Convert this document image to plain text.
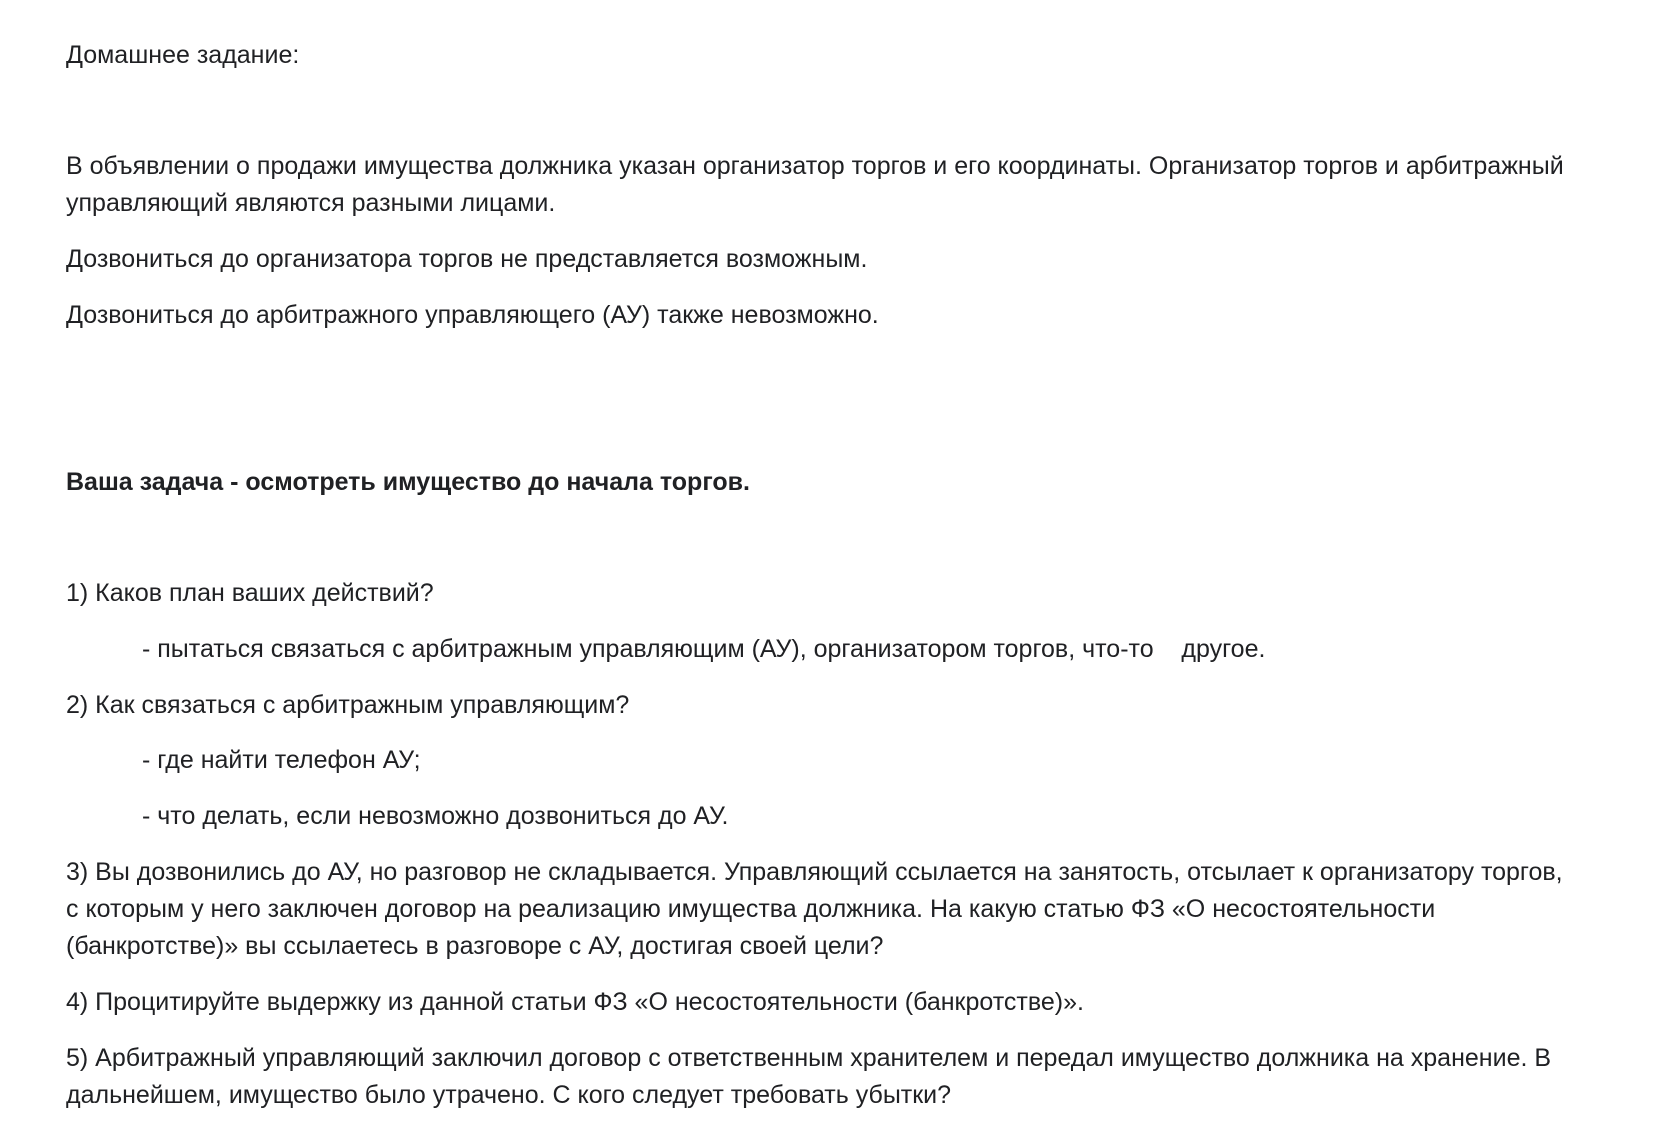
Домашнее задание:

В объявлении о продажи имущества должника указан организатор торгов и его координаты. Организатор торгов и арбитражный управляющий являются разными лицами.

Дозвониться до организатора торгов не представляется возможным.

Дозвониться до арбитражного управляющего (АУ) также невозможно.

Ваша задача - осмотреть имущество до начала торгов.

1) Каков план ваших действий?

- пытаться связаться с арбитражным управляющим (АУ), организатором торгов, что-то    другое.

2) Как связаться с арбитражным управляющим?

- где найти телефон АУ;

- что делать, если невозможно дозвониться до АУ.

3) Вы дозвонились до АУ, но разговор не складывается. Управляющий ссылается на занятость, отсылает к организатору торгов, с которым у него заключен договор на реализацию имущества должника. На какую статью ФЗ «О несостоятельности (банкротстве)» вы ссылаетесь в разговоре с АУ, достигая своей цели?

4) Процитируйте выдержку из данной статьи ФЗ «О несостоятельности (банкротстве)».

5) Арбитражный управляющий заключил договор с ответственным хранителем и передал имущество должника на хранение. В дальнейшем, имущество было утрачено. С кого следует требовать убытки?
